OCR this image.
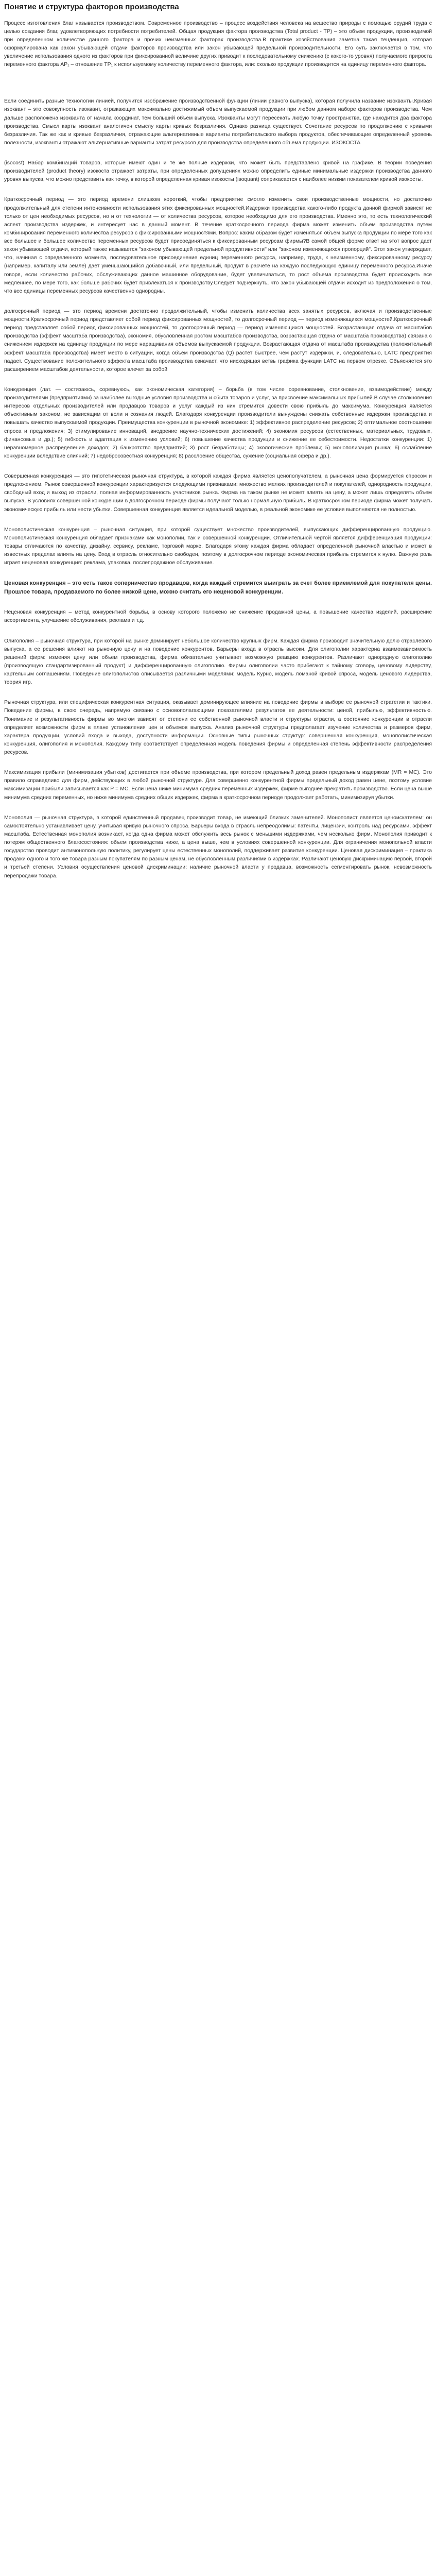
Понятие и структура факторов производства

Процесс изготовления благ называется производством. Современное производство – процесс воздействия человека на вещество природы с помощью орудий труда с целью создания благ, удовлетворяющих потребности потребителей. Общая продукция фактора производства (Total product - TP) – это объем продукции, производимой при определенном количестве данного фактора и прочих неизменных факторах производства.В практике хозяйствования заметна такая тенденция, которая сформулирована как закон убывающей отдачи факторов производства или закон убывающей предельной производительности. Его суть заключается в том, что увеличение использования одного из факторов при фиксированной величине других приводит к последовательному снижению (с какого-то уровня) получаемого прироста переменного фактора AP₁ – отношение TP₁ к используемому количеству переменного фактора, или: сколько продукции производится на единицу переменного фактора.

Если соединить разные технологии линией, получится изображение производственной функции (линии равного выпуска), которая получила название изокванты.Кривая изоквант – это совокупность изоквант, отражающих максимально достижимый объем выпускаемой продукции при любом данном наборе факторов производства. Чем дальше расположена изокванта от начала координат, тем больший объем выпуска. Изокванты могут пересекать любую точку пространства, где находится два фактора производства. Смысл карты изоквант аналогичен смыслу карты кривых безразличия. Однако разница существует. Сочетание ресурсов по продолжению с кривыми безразличия. Так же как и кривые безразличия, отражающие альтернативные варианты потребительского выбора продуктов, обеспечивающие определенный уровень полезности, изокванты отражают альтернативные варианты затрат ресурсов для производства определенного объема продукции. ИЗОКОСТА

(isocost) Набор комбинаций товаров, которые имеют один и те же полные издержки, что может быть представлено кривой на графике. В теории поведения производителей (product theory) изокоста отражает затраты, при определенных допущениях можно определить единые минимальные издержки производства данного уровня выпуска, что можно представить как точку, в которой определенная кривая изокосты (isoquant) соприкасается с наиболее низким показателем кривой изокосты.

Краткосрочный период — это период времени слишком короткий, чтобы предприятие смогло изменить свои производственные мощности, но достаточно продолжительный для степени интенсивности использования этих фиксированных мощностей.Издержки производства какого-либо продукта данной фирмой зависят не только от цен необходимых ресурсов, но и от технологии — от количества ресурсов, которое необходимо для его производства. Именно это, то есть технологический аспект производства издержек, и интересует нас в данный момент. В течение краткосрочного периода фирма может изменить объем производства путем комбинирования переменного количества ресурсов с фиксированными мощностями. Вопрос: каким образом будет изменяться объем выпуска продукции по мере того как все большее и большее количество переменных ресурсов будет присоединяться к фиксированным ресурсам фирмы?В самой общей форме ответ на этот вопрос дает закон убывающей отдачи, который также называется "законом убывающей предельной продуктивности" или "законом изменяющихся пропорций". Этот закон утверждает, что, начиная с определенного момента, последовательное присоединение единиц переменного ресурса, например, труда, к неизменному, фиксированному ресурсу (например, капиталу или земле) дает уменьшающийся добавочный, или предельный, продукт в расчете на каждую последующую единицу переменного ресурса.Иначе говоря, если количество рабочих, обслуживающих данное машинное оборудование, будет увеличиваться, то рост объема производства будет происходить все медленнее, по мере того, как больше рабочих будет привлекаться к производству.Следует подчеркнуть, что закон убывающей отдачи исходит из предположения о том, что все единицы переменных ресурсов качественно однородны.

долгосрочный период — это период времени достаточно продолжительный, чтобы изменить количества всех занятых ресурсов, включая и производственные мощности.Краткосрочный период представляет собой период фиксированных мощностей, то долгосрочный период — период изменяющихся мощностей.Краткосрочный период представляет собой период фиксированных мощностей, то долгосрочный период — период изменяющихся мощностей. Возрастающая отдача от масштабов производства (эффект масштаба производства), экономия, обусловленная ростом масштабов производства, возрастающая отдача от масштаба производства) связана с снижением издержек на единицу продукции по мере наращивания объемов выпускаемой продукции. Возрастающая отдача от масштаба производства (положительный эффект масштаба производства) имеет место в ситуации, когда объем производства (Q) растет быстрее, чем растут издержки, и, следовательно, LATC предприятия падает. Существование положительного эффекта масштаба производства означает, что нисходящая ветвь графика функции LATC на первом отрезке. Объясняется это расширением масштабов деятельности, которое влечет за собой

Конкуренция (лат. — состязаюсь, соревнуюсь, как экономическая категория) – борьба (в том числе соревнование, столкновение, взаимодействие) между производителями (предприятиями) за наиболее выгодные условия производства и сбыта товаров и услуг, за присвоение максимальных прибылей.В случае столкновения интересов отдельных производителей или продавцов товаров и услуг каждый из них стремится довести свою прибыль до максимума. Конкуренция является объективным законом, не зависящим от воли и сознания людей. Благодаря конкуренции производители вынуждены снижать собственные издержки производства и повышать качество выпускаемой продукции. Преимущества конкуренции в рыночной экономике: 1) эффективное распределение ресурсов; 2) оптимальное соотношение спроса и предложения; 3) стимулирование инноваций, внедрение научно-технических достижений; 4) экономия ресурсов (естественных, материальных, трудовых, финансовых и др.); 5) гибкость и адаптация к изменению условий; 6) повышение качества продукции и снижение ее себестоимости. Недостатки конкуренции: 1) неравномерное распределение доходов; 2) банкротство предприятий; 3) рост безработицы; 4) экологические проблемы; 5) монополизация рынка; 6) ослабление конкуренции вследствие слияний; 7) недобросовестная конкуренция; 8) расслоение общества, сужение (социальная сфера и др.).

Совершенная конкуренция — это гипотетическая рыночная структура, в которой каждая фирма является ценополучателем, а рыночная цена формируется спросом и предложением. Рынок совершенной конкуренции характеризуется следующими признаками: множество мелких производителей и покупателей, однородность продукции, свободный вход и выход из отрасли, полная информированность участников рынка. Фирма на таком рынке не может влиять на цену, а может лишь определять объем выпуска. В условиях совершенной конкуренции в долгосрочном периоде фирмы получают только нормальную прибыль. В краткосрочном периоде фирма может получать экономическую прибыль или нести убытки. Совершенная конкуренция является идеальной моделью, в реальной экономике ее условия выполняются не полностью.

Монополистическая конкуренция – рыночная ситуация, при которой существует множество производителей, выпускающих дифференцированную продукцию. Монополистическая конкуренция обладает признаками как монополии, так и совершенной конкуренции. Отличительной чертой является дифференциация продукции: товары отличаются по качеству, дизайну, сервису, рекламе, торговой марке. Благодаря этому каждая фирма обладает определенной рыночной властью и может в известных пределах влиять на цену. Вход в отрасль относительно свободен, поэтому в долгосрочном периоде экономическая прибыль стремится к нулю. Важную роль играет неценовая конкуренция: реклама, упаковка, послепродажное обслуживание.

Ценовая конкуренция – это есть такое соперничество продавцов, когда каждый стремится выиграть за счет более приемлемой для покупателя цены. Прошлое товара, продаваемого по более низкой цене, можно считать его неценовой конкуренции.

Неценовая конкуренция – метод конкурентной борьбы, в основу которого положено не снижение продажной цены, а повышение качества изделий, расширение ассортимента, улучшение обслуживания, реклама и т.д.

Олигополия – рыночная структура, при которой на рынке доминирует небольшое количество крупных фирм. Каждая фирма производит значительную долю отраслевого выпуска, а ее решения влияют на рыночную цену и на поведение конкурентов. Барьеры входа в отрасль высоки. Для олигополии характерна взаимозависимость решений фирм: изменяя цену или объем производства, фирма обязательно учитывает возможную реакцию конкурентов. Различают однородную олигополию (производящую стандартизированный продукт) и дифференцированную олигополию. Фирмы олигополии часто прибегают к тайному сговору, ценовому лидерству, картельным соглашениям. Поведение олигополистов описывается различными моделями: модель Курно, модель ломаной кривой спроса, модель ценового лидерства, теория игр.

Рыночная структура, или специфическая конкурентная ситуация, оказывает доминирующее влияние на поведение фирмы в выборе ее рыночной стратегии и тактики. Поведение фирмы, в свою очередь, напрямую связано с основополагающими показателями результатов ее деятельности: ценой, прибылью, эффективностью. Понимание и результативность фирмы во многом зависят от степени ее собственной рыночной власти и структуры отрасли, а состояние конкуренции в отрасли определяет возможности фирм в плане установления цен и объемов выпуска. Анализ рыночной структуры предполагает изучение количества и размеров фирм, характера продукции, условий входа и выхода, доступности информации. Основные типы рыночных структур: совершенная конкуренция, монополистическая конкуренция, олигополия и монополия. Каждому типу соответствует определенная модель поведения фирмы и определенная степень эффективности распределения ресурсов.

Максимизация прибыли (минимизация убытков) достигается при объеме производства, при котором предельный доход равен предельным издержкам (MR = MC). Это правило справедливо для фирм, действующих в любой рыночной структуре. Для совершенно конкурентной фирмы предельный доход равен цене, поэтому условие максимизации прибыли записывается как P = MC. Если цена ниже минимума средних переменных издержек, фирме выгоднее прекратить производство. Если цена выше минимума средних переменных, но ниже минимума средних общих издержек, фирма в краткосрочном периоде продолжает работать, минимизируя убытки.

Монополия — рыночная структура, в которой единственный продавец производит товар, не имеющий близких заменителей. Монополист является ценоискателем: он самостоятельно устанавливает цену, учитывая кривую рыночного спроса. Барьеры входа в отрасль непреодолимы: патенты, лицензии, контроль над ресурсами, эффект масштаба. Естественная монополия возникает, когда одна фирма может обслужить весь рынок с меньшими издержками, чем несколько фирм. Монополия приводит к потерям общественного благосостояния: объем производства ниже, а цена выше, чем в условиях совершенной конкуренции. Для ограничения монопольной власти государство проводит антимонопольную политику, регулирует цены естественных монополий, поддерживает развитие конкуренции. Ценовая дискриминация – практика продажи одного и того же товара разным покупателям по разным ценам, не обусловленным различиями в издержках. Различают ценовую дискриминацию первой, второй и третьей степени. Условия осуществления ценовой дискриминации: наличие рыночной власти у продавца, возможность сегментировать рынок, невозможность перепродажи товара.
